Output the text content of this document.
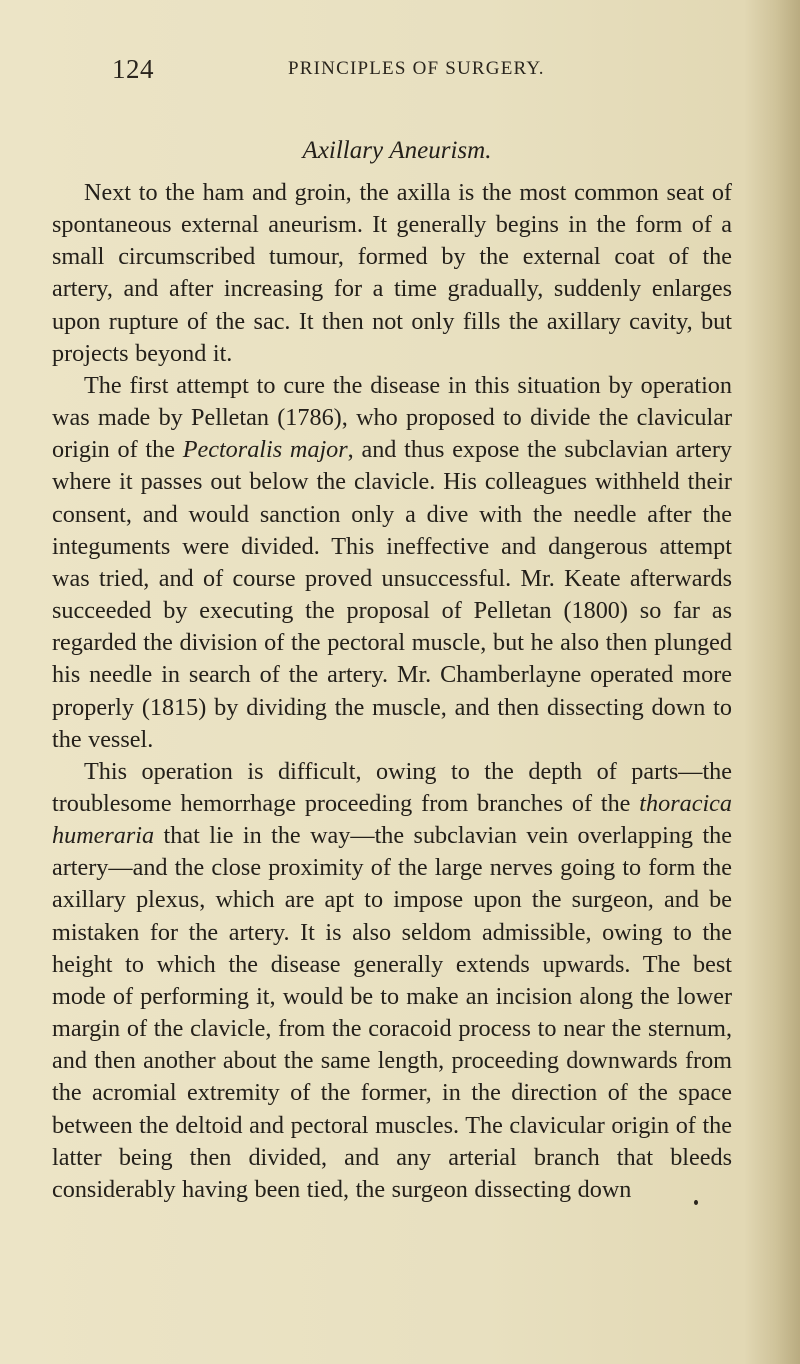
124	PRINCIPLES OF SURGERY.
Axillary Aneurism.

Next to the ham and groin, the axilla is the most common seat of spontaneous external aneurism. It generally begins in the form of a small circumscribed tumour, formed by the external coat of the artery, and after increasing for a time gradually, suddenly enlarges upon rupture of the sac. It then not only fills the axillary cavity, but projects beyond it.

The first attempt to cure the disease in this situation by operation was made by Pelletan (1786), who proposed to divide the clavicular origin of the Pectoralis major, and thus expose the subclavian artery where it passes out below the clavicle. His colleagues withheld their consent, and would sanction only a dive with the needle after the integuments were divided. This ineffective and dangerous attempt was tried, and of course proved unsuccessful. Mr. Keate afterwards succeeded by executing the proposal of Pelletan (1800) so far as regarded the division of the pectoral muscle, but he also then plunged his needle in search of the artery. Mr. Chamberlayne operated more properly (1815) by dividing the muscle, and then dissecting down to the vessel.

This operation is difficult, owing to the depth of parts—the troublesome hemorrhage proceeding from branches of the thoracica humeraria that lie in the way—the subclavian vein overlapping the artery—and the close proximity of the large nerves going to form the axillary plexus, which are apt to impose upon the surgeon, and be mistaken for the artery. It is also seldom admissible, owing to the height to which the disease generally extends upwards. The best mode of performing it, would be to make an incision along the lower margin of the clavicle, from the coracoid process to near the sternum, and then another about the same length, proceeding downwards from the acromial extremity of the former, in the direction of the space between the deltoid and pectoral muscles. The clavicular origin of the latter being then divided, and any arterial branch that bleeds considerably having been tied, the surgeon dissecting down
